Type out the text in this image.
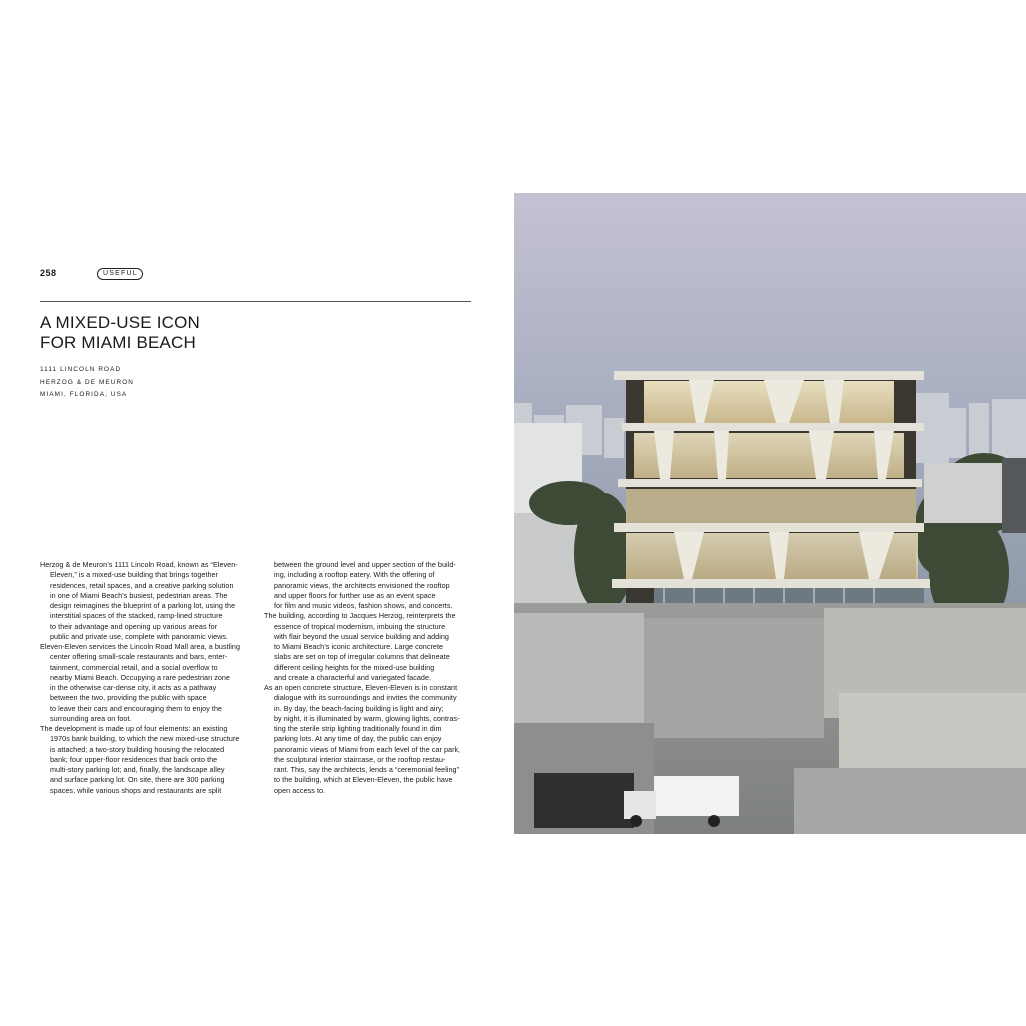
258	USEFUL
A MIXED-USE ICON
FOR MIAMI BEACH
1111 LINCOLN ROAD
HERZOG & DE MEURON
MIAMI, FLORIDA, USA
Herzog & de Meuron’s 1111 Lincoln Road, known as “Eleven-
Eleven,” is a mixed-use building that brings together
residences, retail spaces, and a creative parking solution
in one of Miami Beach’s busiest, pedestrian areas. The
design reimagines the blueprint of a parking lot, using the
interstitial spaces of the stacked, ramp-lined structure
to their advantage and opening up various areas for
public and private use, complete with panoramic views.
Eleven-Eleven services the Lincoln Road Mall area, a bustling
center offering small-scale restaurants and bars, enter-
tainment, commercial retail, and a social overflow to
nearby Miami Beach. Occupying a rare pedestrian zone
in the otherwise car-dense city, it acts as a pathway
between the two, providing the public with space
to leave their cars and encouraging them to enjoy the
surrounding area on foot.
The development is made up of four elements: an existing
1970s bank building, to which the new mixed-use structure
is attached; a two-story building housing the relocated
bank; four upper-floor residences that back onto the
multi-story parking lot; and, finally, the landscape alley
and surface parking lot. On site, there are 300 parking
spaces, while various shops and restaurants are split
between the ground level and upper section of the build-
ing, including a rooftop eatery. With the offering of
panoramic views, the architects envisioned the rooftop
and upper floors for further use as an event space
for film and music videos, fashion shows, and concerts.
The building, according to Jacques Herzog, reinterprets the
essence of tropical modernism, imbuing the structure
with flair beyond the usual service building and adding
to Miami Beach’s iconic architecture. Large concrete
slabs are set on top of irregular columns that delineate
different ceiling heights for the mixed-use building
and create a characterful and variegated facade.
As an open concrete structure, Eleven-Eleven is in constant
dialogue with its surroundings and invites the community
in. By day, the beach-facing building is light and airy;
by night, it is illuminated by warm, glowing lights, contras-
ting the sterile strip lighting traditionally found in dim
parking lots. At any time of day, the public can enjoy
panoramic views of Miami from each level of the car park,
the sculptural interior staircase, or the rooftop restau-
rant. This, say the architects, lends a “ceremonial feeling”
to the building, which at Eleven-Eleven, the public have
open access to.
